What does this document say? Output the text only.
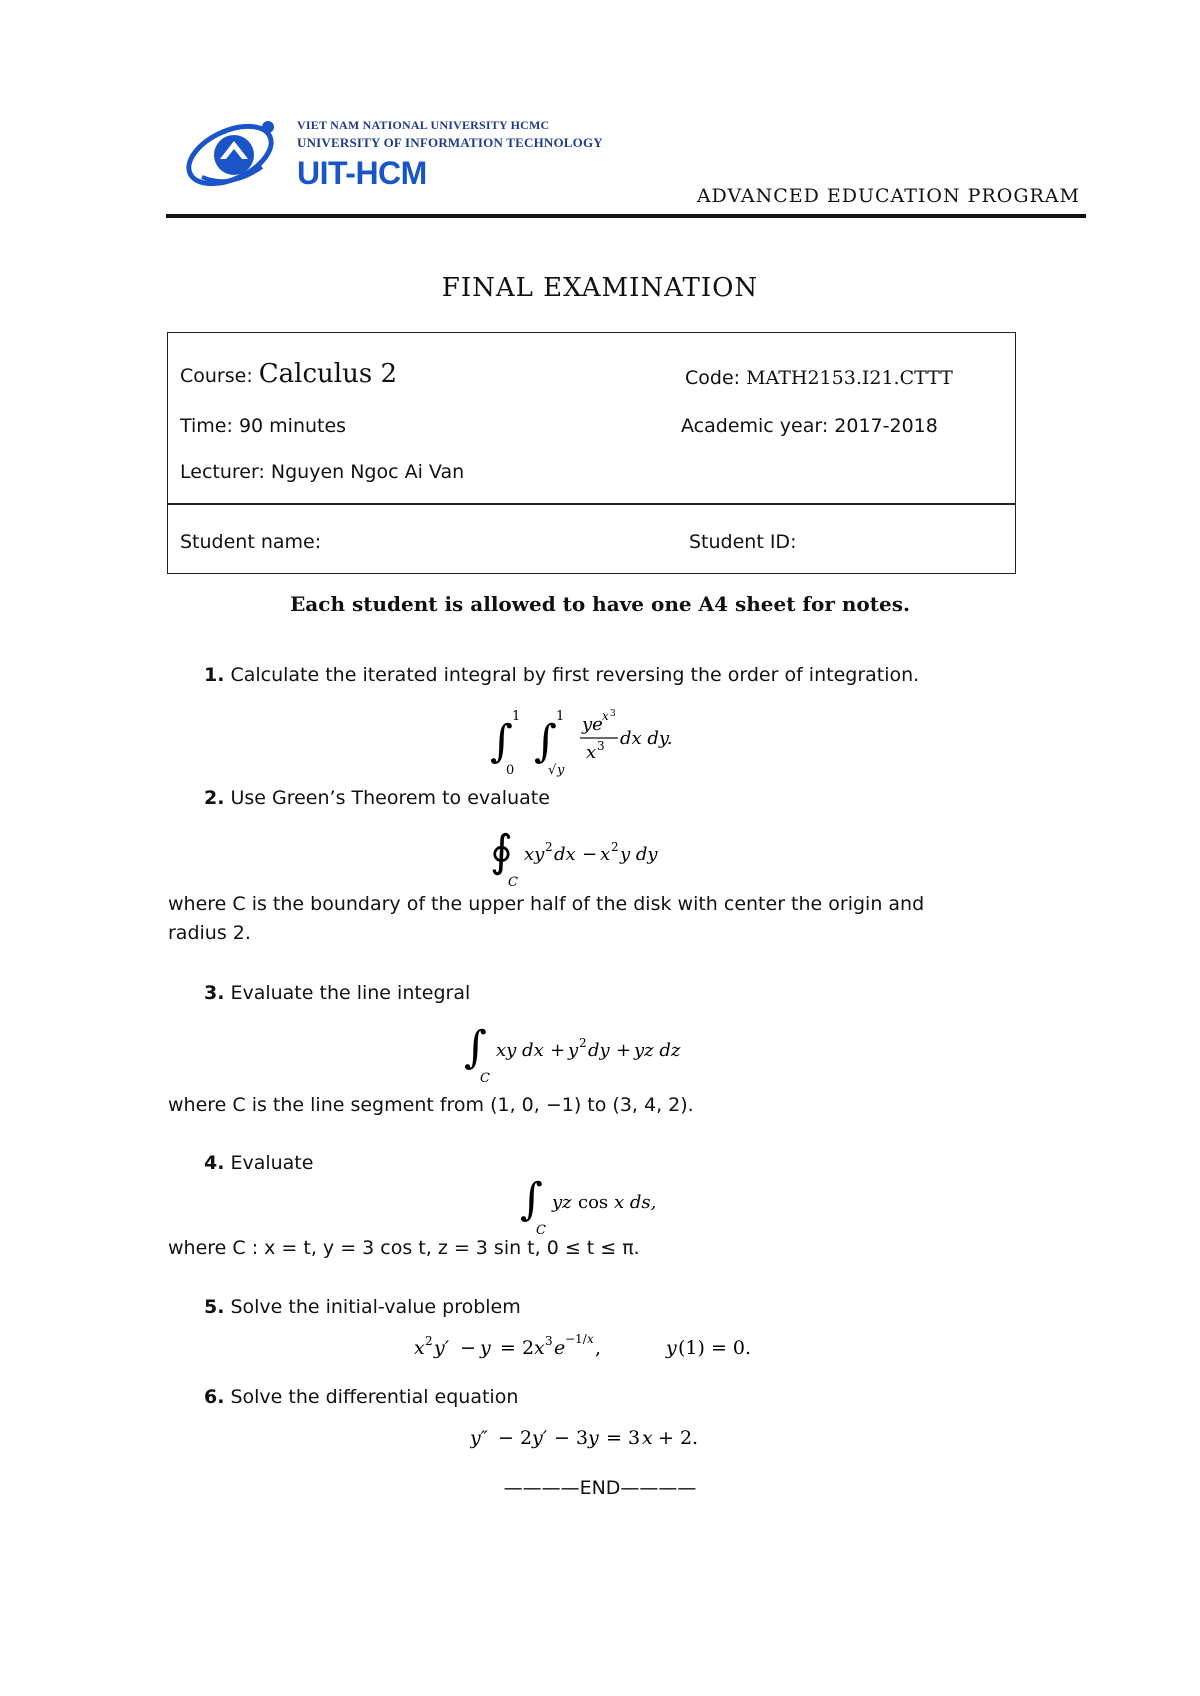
VIET NAM NATIONAL UNIVERSITY HCMC
UNIVERSITY OF INFORMATION TECHNOLOGY
UIT-HCM
ADVANCED EDUCATION PROGRAM
FINAL EXAMINATION
Course: Calculus 2	Code: MATH2153.I21.CTTT
Time: 90 minutes	Academic year: 2017-2018
Lecturer: Nguyen Ngoc Ai Van
Student name:	Student ID:
Each student is allowed to have one A4 sheet for notes.
1. Calculate the iterated integral by first reversing the order of integration.
∫ 1
0
∫ 1
√ y
ye x 3
x 3 dx dy.
2. Use Green’s Theorem to evaluate
∮
C
xy 2 dx − x 2 y dy
where C is the boundary of the upper half of the disk with center the origin and
radius 2.
3. Evaluate the line integral
∫
C
xy dx + y 2 dy + yz dz
where C is the line segment from (1, 0, −1) to (3, 4, 2).
4. Evaluate
∫
C
yz cos x ds,
where C : x = t, y = 3 cos t, z = 3 sin t, 0 ≤ t ≤ π.
5. Solve the initial-value problem
x 2 y′ − y = 2 x 3 e −1/ x ,	y (1) = 0.
6. Solve the differential equation
y″ − 2 y′ − 3 y = 3 x + 2.
————END————
